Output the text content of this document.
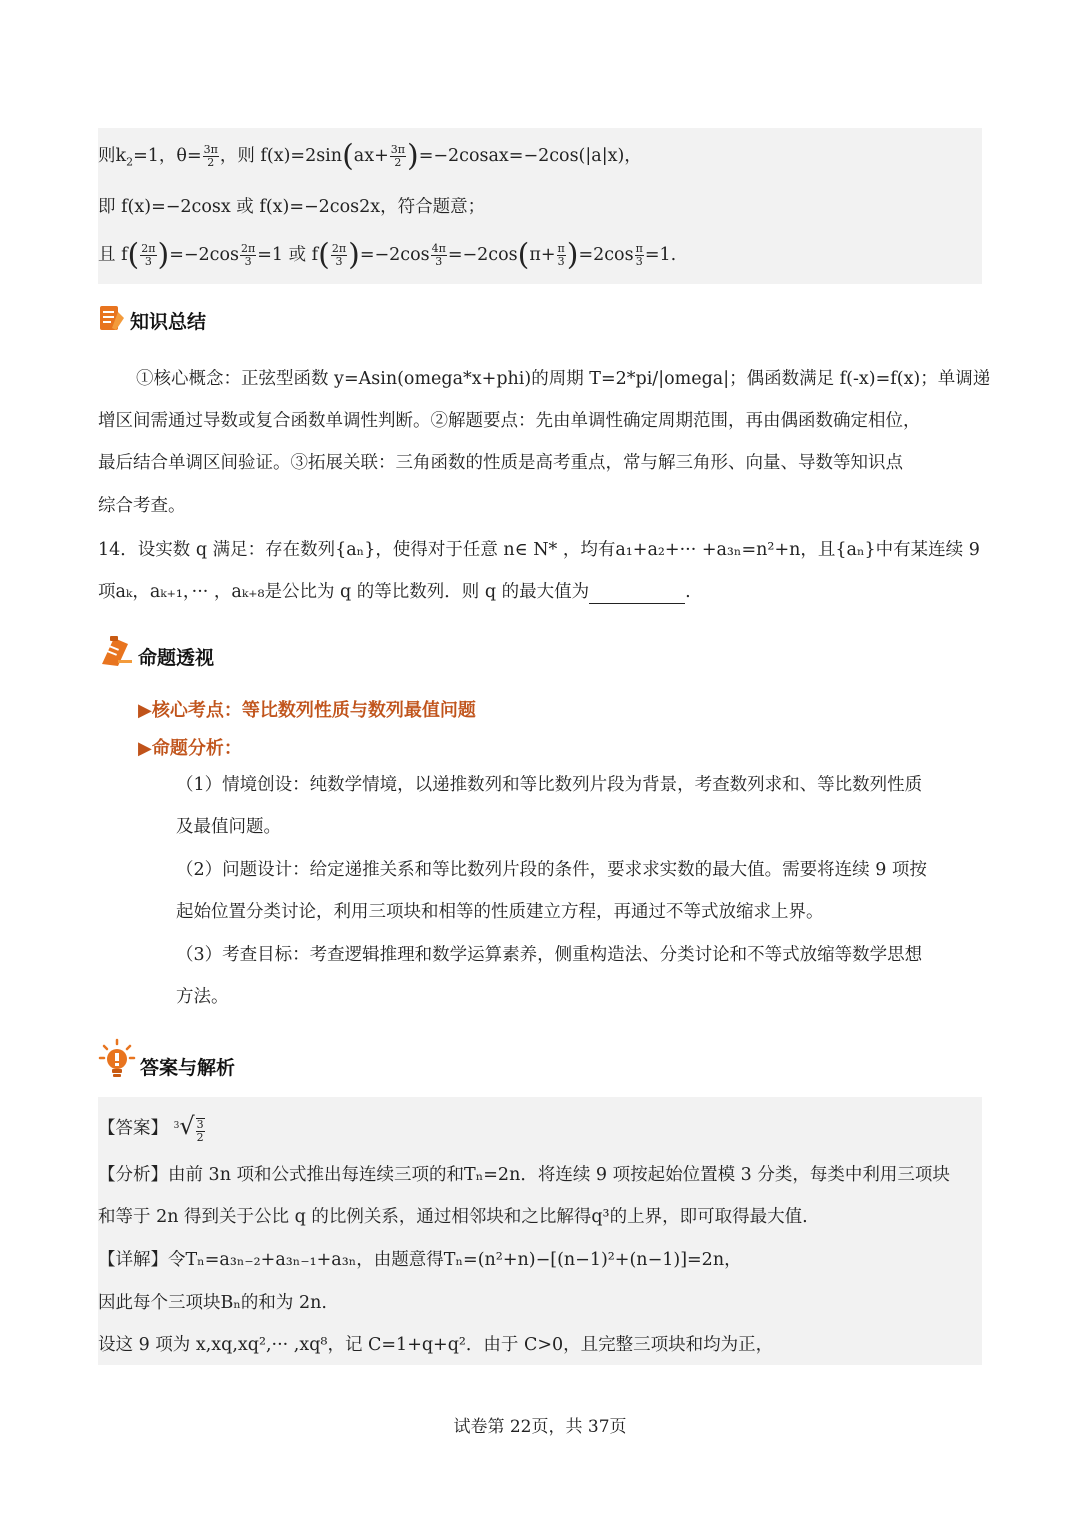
则$k_2=1$，$\theta= \frac{3\pi}{2}$ ，则 $f(x)=2\sin(ax+ \frac{3\pi}{2}$ )=−2cosax=−2cos(|a|x)，
即 f(x)=−2cosx 或 f(x)=−2cos2x，符合题意；
且 $f( \frac{2\pi}{3} )=-2\cos \frac{2\pi}{3} =1$ 或 $f( \frac{2\pi}{3} )=-2\cos \frac{4\pi}{3} =-2\cos(\pi+ \frac{\pi}{3} )=2\cos \frac{\pi}{3} =1$.
知识总结
①核心概念：正弦型函数 y=Asin(omega*x+phi)的周期 T=2*pi/|omega|；偶函数满足 f(-x)=f(x)；单调递
增区间需通过导数或复合函数单调性判断。②解题要点：先由单调性确定周期范围，再由偶函数确定相位，
最后结合单调区间验证。③拓展关联：三角函数的性质是高考重点，常与解三角形、向量、导数等知识点
综合考查。
14．设实数 q 满足：存在数列{aₙ}，使得对于任意 n∈ N* ，均有a₁+a₂+··· +a₃ₙ=n²+n，且{aₙ}中有某连续 9
项aₖ，aₖ₊₁，··· ，aₖ₊₈是公比为 q 的等比数列．则 q 的最大值为	.
命题透视
▶核心考点：等比数列性质与数列最值问题
▶命题分析：
（1）情境创设：纯数学情境，以递推数列和等比数列片段为背景，考查数列求和、等比数列性质
及最值问题。
（2）问题设计：给定递推关系和等比数列片段的条件，要求求实数的最大值。需要将连续 9 项按
起始位置分类讨论，利用三项块和相等的性质建立方程，再通过不等式放缩求上界。
（3）考查目标：考查逻辑推理和数学运算素养，侧重构造法、分类讨论和不等式放缩等数学思想
方法。
答案与解析
【答案】 $^3√ \frac{3}{2}$
【分析】由前 3n 项和公式推出每连续三项的和Tₙ=2n．将连续 9 项按起始位置模 3 分类，每类中利用三项块
和等于 2n 得到关于公比 q 的比例关系，通过相邻块和之比解得q³的上界，即可取得最大值.
【详解】令Tₙ=a₃ₙ₋₂+a₃ₙ₋₁+a₃ₙ，由题意得Tₙ=(n²+n)−[(n−1)²+(n−1)]=2n，
因此每个三项块Bₙ的和为 2n.
设这 9 项为 x,xq,xq²,··· ,xq⁸，记 C=1+q+q²．由于 C>0，且完整三项块和均为正，
试卷第 22页，共 37页
